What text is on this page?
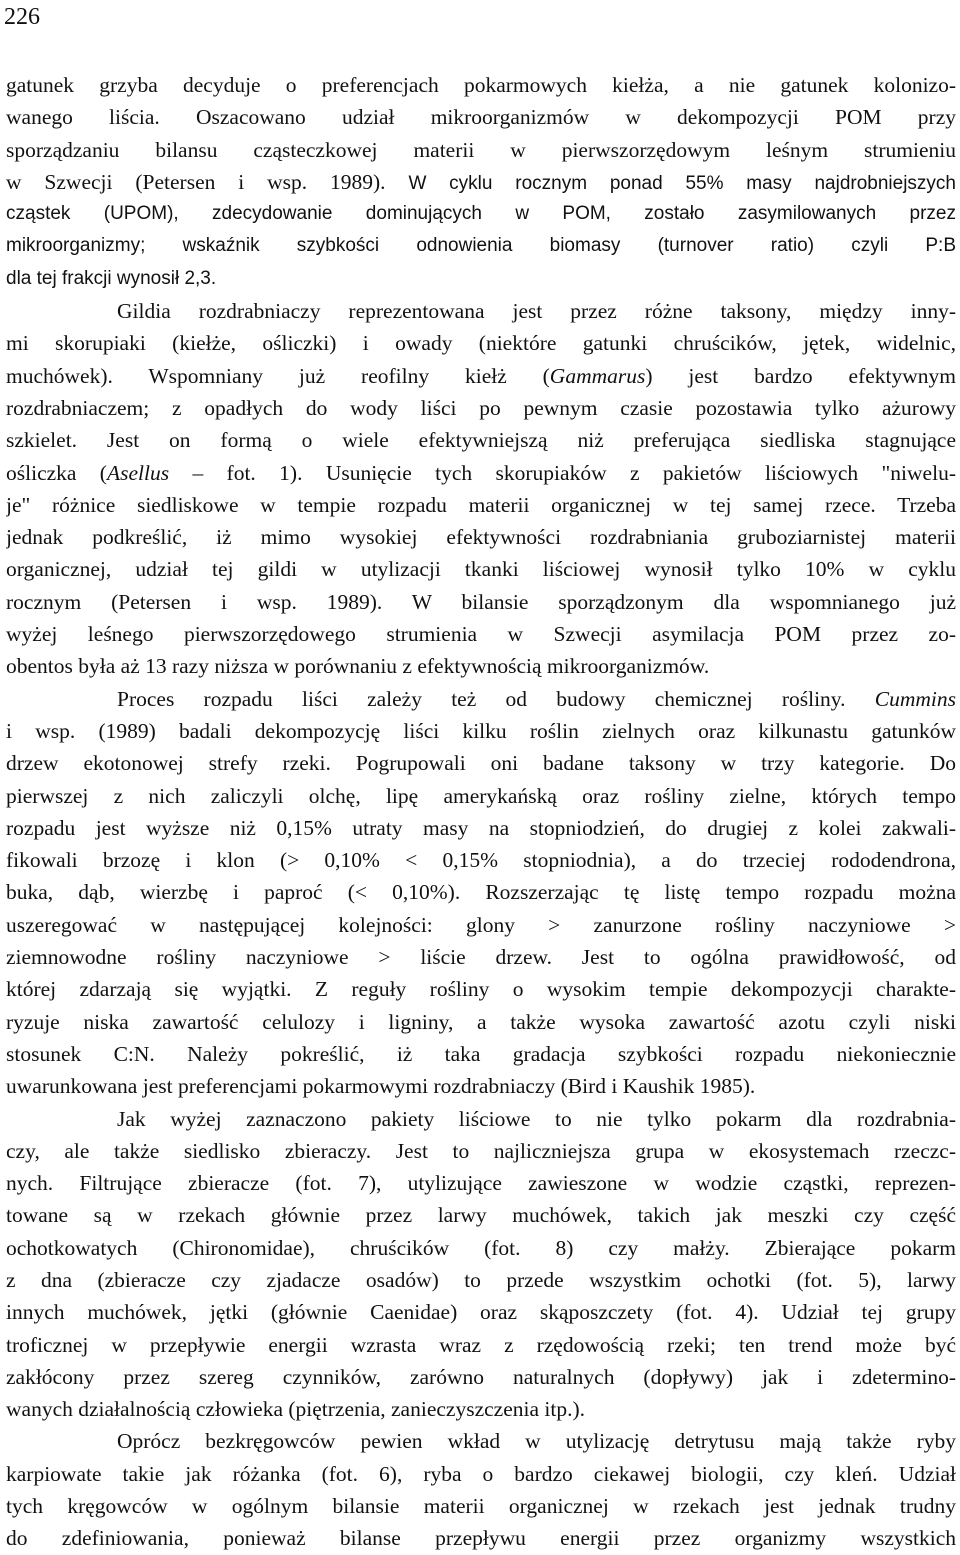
226
gatunek grzyba decyduje o preferencjach pokarmowych kiełża, a nie gatunek kolonizo-
wanego liścia. Oszacowano udział mikroorganizmów w dekompozycji POM przy
sporządzaniu bilansu cząsteczkowej materii w pierwszorzędowym leśnym strumieniu
w Szwecji (Petersen i wsp. 1989). W cyklu rocznym ponad 55% masy najdrobniejszych
cząstek (UPOM), zdecydowanie dominujących w POM, zostało zasymilowanych przez
mikroorganizmy; wskaźnik szybkości odnowienia biomasy (turnover ratio) czyli P:B
dla tej frakcji wynosił 2,3.
Gildia rozdrabniaczy reprezentowana jest przez różne taksony, między inny-
mi skorupiaki (kiełże, ośliczki) i owady (niektóre gatunki chruścików, jętek, widelnic,
muchówek). Wspomniany już reofilny kiełż (Gammarus) jest bardzo efektywnym
rozdrabniaczem; z opadłych do wody liści po pewnym czasie pozostawia tylko ażurowy
szkielet. Jest on formą o wiele efektywniejszą niż preferująca siedliska stagnujące
ośliczka (Asellus – fot. 1). Usunięcie tych skorupiaków z pakietów liściowych "niwelu-
je" różnice siedliskowe w tempie rozpadu materii organicznej w tej samej rzece. Trzeba
jednak podkreślić, iż mimo wysokiej efektywności rozdrabniania gruboziarnistej materii
organicznej, udział tej gildi w utylizacji tkanki liściowej wynosił tylko 10% w cyklu
rocznym (Petersen i wsp. 1989). W bilansie sporządzonym dla wspomnianego już
wyżej leśnego pierwszorzędowego strumienia w Szwecji asymilacja POM przez zo-
obentos była aż 13 razy niższa w porównaniu z efektywnością mikroorganizmów.
Proces rozpadu liści zależy też od budowy chemicznej rośliny. Cummins
i wsp. (1989) badali dekompozycję liści kilku roślin zielnych oraz kilkunastu gatunków
drzew ekotonowej strefy rzeki. Pogrupowali oni badane taksony w trzy kategorie. Do
pierwszej z nich zaliczyli olchę, lipę amerykańską oraz rośliny zielne, których tempo
rozpadu jest wyższe niż 0,15% utraty masy na stopniodzień, do drugiej z kolei zakwali-
fikowali brzozę i klon (> 0,10% < 0,15% stopniodnia), a do trzeciej rododendrona,
buka, dąb, wierzbę i paproć (< 0,10%). Rozszerzając tę listę tempo rozpadu można
uszeregować w następującej kolejności: glony > zanurzone rośliny naczyniowe >
ziemnowodne rośliny naczyniowe > liście drzew. Jest to ogólna prawidłowość, od
której zdarzają się wyjątki. Z reguły rośliny o wysokim tempie dekompozycji charakte-
ryzuje niska zawartość celulozy i ligniny, a także wysoka zawartość azotu czyli niski
stosunek C:N. Należy pokreślić, iż taka gradacja szybkości rozpadu niekoniecznie
uwarunkowana jest preferencjami pokarmowymi rozdrabniaczy (Bird i Kaushik 1985).
Jak wyżej zaznaczono pakiety liściowe to nie tylko pokarm dla rozdrabnia-
czy, ale także siedlisko zbieraczy. Jest to najliczniejsza grupa w ekosystemach rzeczc-
nych. Filtrujące zbieracze (fot. 7), utylizujące zawieszone w wodzie cząstki, reprezen-
towane są w rzekach głównie przez larwy muchówek, takich jak meszki czy część
ochotkowatych (Chironomidae), chruścików (fot. 8) czy małży. Zbierające pokarm
z dna (zbieracze czy zjadacze osadów) to przede wszystkim ochotki (fot. 5), larwy
innych muchówek, jętki (głównie Caenidae) oraz skąposzczety (fot. 4). Udział tej grupy
troficznej w przepływie energii wzrasta wraz z rzędowością rzeki; ten trend może być
zakłócony przez szereg czynników, zarówno naturalnych (dopływy) jak i zdetermino-
wanych działalnością człowieka (piętrzenia, zanieczyszczenia itp.).
Oprócz bezkręgowców pewien wkład w utylizację detrytusu mają także ryby
karpiowate takie jak różanka (fot. 6), ryba o bardzo ciekawej biologii, czy kleń. Udział
tych kręgowców w ogólnym bilansie materii organicznej w rzekach jest jednak trudny
do zdefiniowania, ponieważ bilanse przepływu energii przez organizmy wszystkich
